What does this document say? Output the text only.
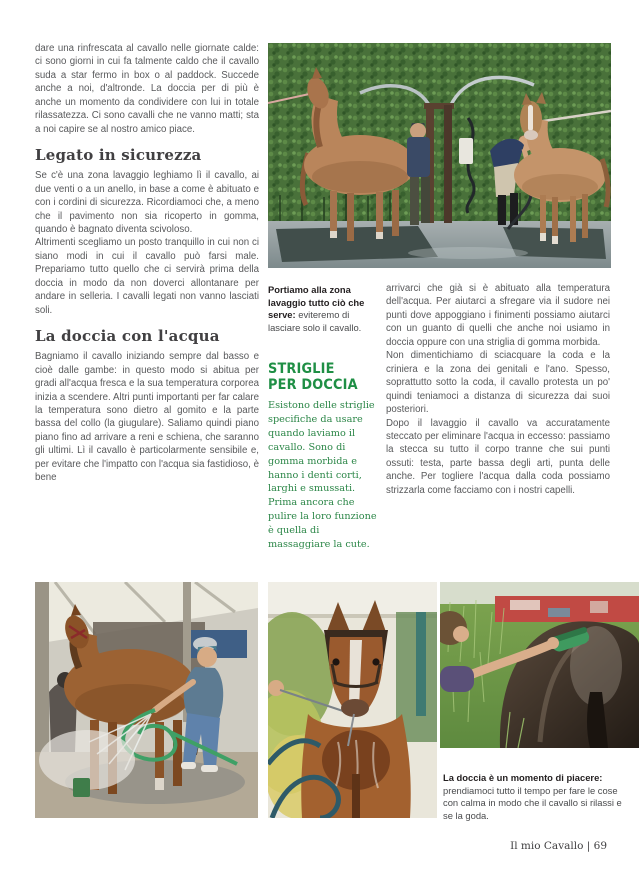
dare una rinfrescata al cavallo nelle giornate calde: ci sono giorni in cui fa talmente caldo che il cavallo suda a star fermo in box o al paddock. Succede anche a noi, d'altronde. La doccia per di più è anche un momento da condividere con lui in totale rilassatezza. Ci sono cavalli che ne vanno matti; sta a noi capire se al nostro amico piace.

Legato in sicurezza

Se c'è una zona lavaggio leghiamo lì il cavallo, ai due venti o a un anello, in base a come è abituato e con i cordini di sicurezza. Ricordiamoci che, a meno che il pavimento non sia ricoperto in gomma, quando è bagnato diventa scivoloso.

Altrimenti scegliamo un posto tranquillo in cui non ci siano modi in cui il cavallo può farsi male. Prepariamo tutto quello che ci servirà prima della doccia in modo da non doverci allontanare per andare in selleria. I cavalli legati non vanno lasciati soli.

La doccia con l'acqua

Bagniamo il cavallo iniziando sempre dal basso e cioè dalle gambe: in questo modo si abitua per gradi all'acqua fresca e la sua temperatura corporea inizia a scendere. Altri punti importanti per far calare la temperatura sono dietro al gomito e la parte bassa del collo (la giugulare). Saliamo quindi piano piano fino ad arrivare a reni e schiena, che saranno gli ultimi. Lì il cavallo è particolarmente sensibile e, per evitare che l'impatto con l'acqua sia fastidioso, è bene

Portiamo alla zona lavaggio tutto ciò che serve: eviteremo di lasciare solo il cavallo.

STRIGLIE
PER DOCCIA

Esistono delle striglie specifiche da usare quando laviamo il cavallo. Sono di gomma morbida e hanno i denti corti, larghi e smussati. Prima ancora che pulire la loro funzione è quella di massaggiare la cute.

arrivarci che già si è abituato alla temperatura dell'acqua. Per aiutarci a sfregare via il sudore nei punti dove appoggiano i finimenti possiamo aiutarci con un guanto di quelli che anche noi usiamo in doccia oppure con una striglia di gomma morbida.

Non dimentichiamo di sciacquare la coda e la criniera e la zona dei genitali e l'ano. Spesso, soprattutto sotto la coda, il cavallo protesta un po' quindi teniamoci a distanza di sicurezza dai suoi posteriori.

Dopo il lavaggio il cavallo va accuratamente steccato per eliminare l'acqua in eccesso: passiamo la stecca su tutto il corpo tranne che sui punti ossuti: testa, parte bassa degli arti, punta delle anche. Per togliere l'acqua dalla coda possiamo strizzarla come facciamo con i nostri capelli.

La doccia è un momento di piacere: prendiamoci tutto il tempo per fare le cose con calma in modo che il cavallo si rilassi e se la goda.

Il mio Cavallo | 69
